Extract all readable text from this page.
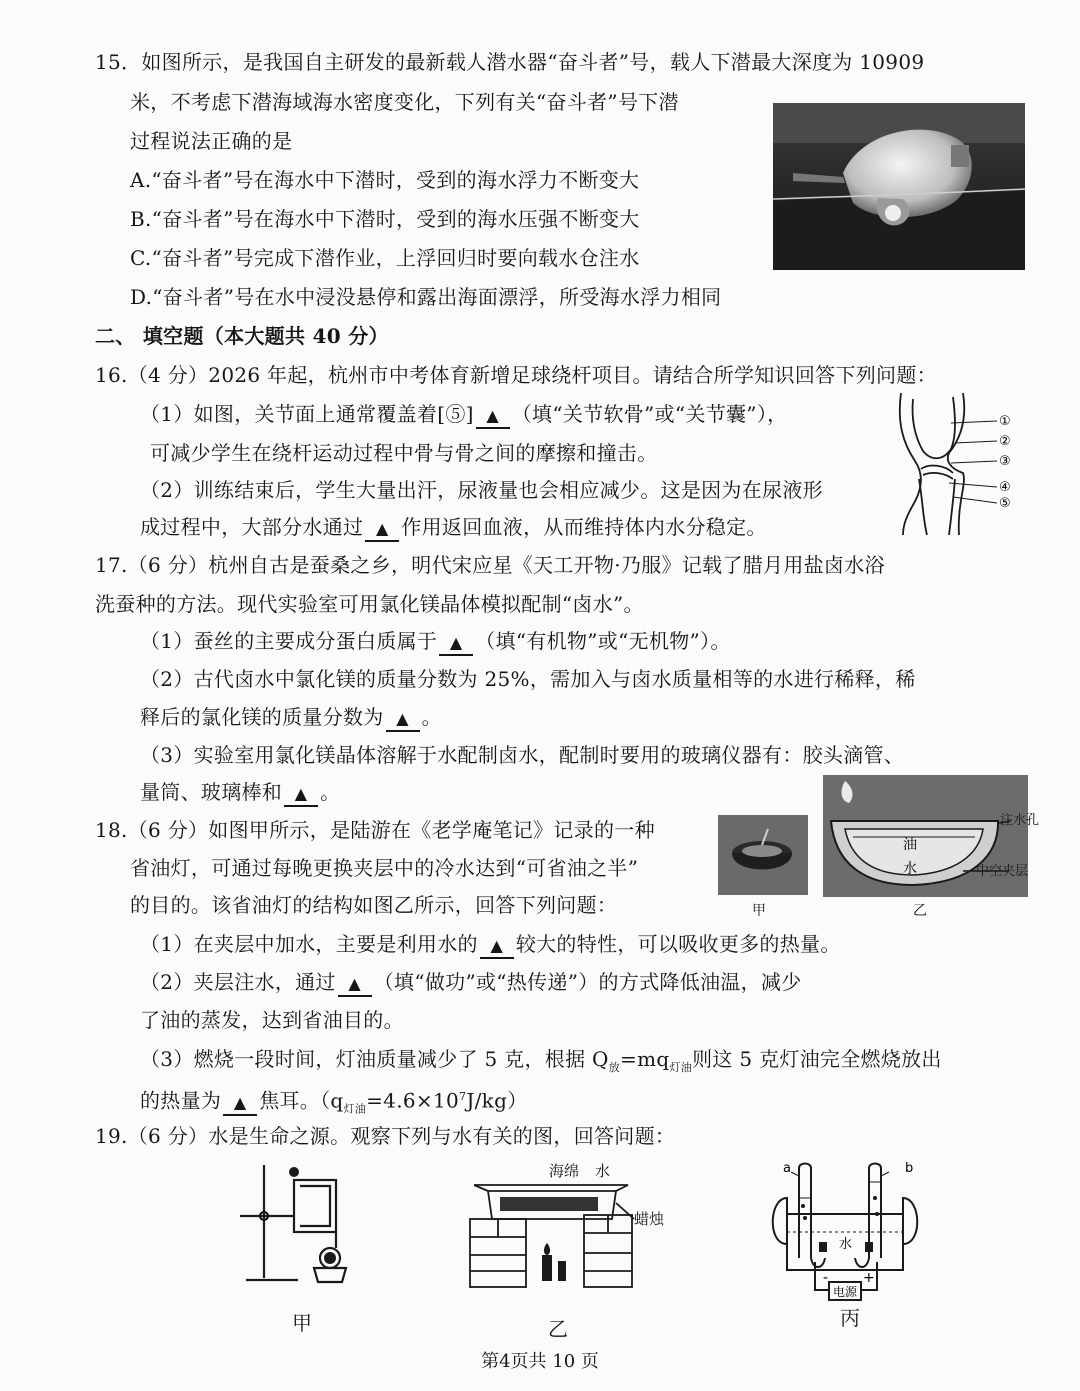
15．如图所示，是我国自主研发的最新载人潜水器“奋斗者”号，载人下潜最大深度为 10909
米，不考虑下潜海域海水密度变化，下列有关“奋斗者”号下潜
过程说法正确的是
A.“奋斗者”号在海水中下潜时，受到的海水浮力不断变大
B.“奋斗者”号在海水中下潜时，受到的海水压强不断变大
C.“奋斗者”号完成下潜作业，上浮回归时要向载水仓注水
D.“奋斗者”号在水中浸没悬停和露出海面漂浮，所受海水浮力相同
二、 填空题（本大题共 40 分）
16.（4 分）2026 年起，杭州市中考体育新增足球绕杆项目。请结合所学知识回答下列问题：
（1）如图，关节面上通常覆盖着[⑤] ▲ （填“关节软骨”或“关节囊”），
可减少学生在绕杆运动过程中骨与骨之间的摩擦和撞击。
（2）训练结束后，学生大量出汗，尿液量也会相应减少。这是因为在尿液形
成过程中，大部分水通过 ▲ 作用返回血液，从而维持体内水分稳定。
①
②
③
④
⑤
17.（6 分）杭州自古是蚕桑之乡，明代宋应星《天工开物·乃服》记载了腊月用盐卤水浴
洗蚕种的方法。现代实验室可用氯化镁晶体模拟配制“卤水”。
（1）蚕丝的主要成分蛋白质属于 ▲ （填“有机物”或“无机物”）。
（2）古代卤水中氯化镁的质量分数为 25%，需加入与卤水质量相等的水进行稀释，稀
释后的氯化镁的质量分数为 ▲ 。
（3）实验室用氯化镁晶体溶解于水配制卤水，配制时要用的玻璃仪器有：胶头滴管、
量筒、玻璃棒和 ▲ 。
18.（6 分）如图甲所示，是陆游在《老学庵笔记》记录的一种
省油灯，可通过每晚更换夹层中的冷水达到“可省油之半”
的目的。该省油灯的结构如图乙所示，回答下列问题：	甲
油
水
注水孔
中空夹层
乙
（1）在夹层中加水，主要是利用水的 ▲ 较大的特性，可以吸收更多的热量。
（2）夹层注水，通过 ▲ （填“做功”或“热传递”）的方式降低油温，减少
了油的蒸发，达到省油目的。
（3）燃烧一段时间，灯油质量减少了 5 克，根据 $Q_放=mq_{灯油}$则这 5 克灯油完全燃烧放出
的热量为 ▲ 焦耳。$(q_{灯油}=4.6\times 10^7J/kg)$
19.（6 分）水是生命之源。观察下列与水有关的图，回答问题：
甲
海绵 水
蜡烛
乙
a	b
水
电源
- +
丙
第4页共 10 页
